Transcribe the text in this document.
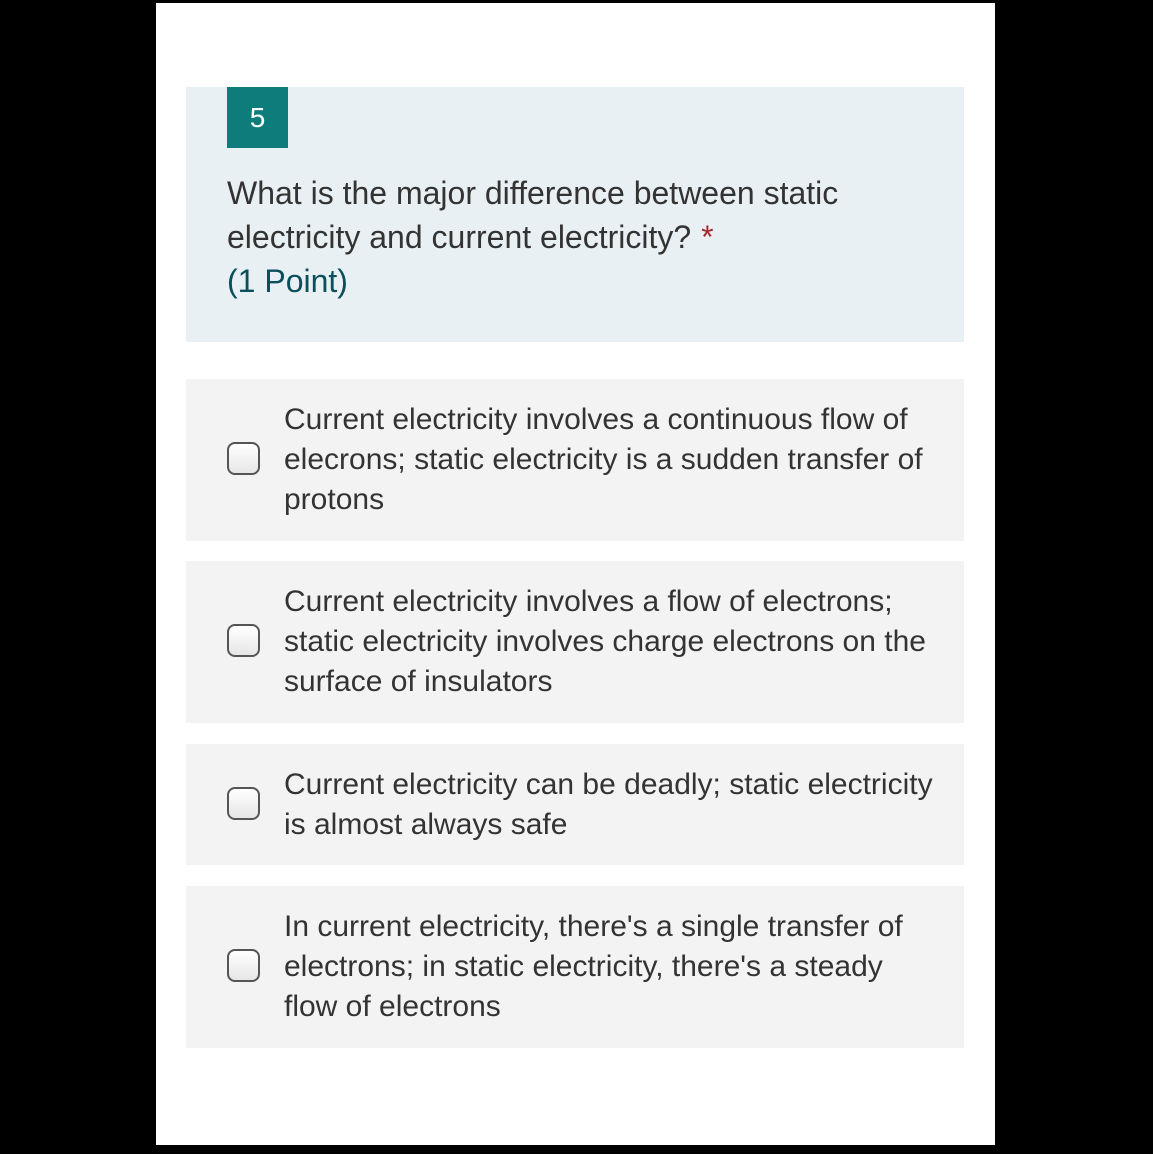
5
What is the major difference between static electricity and current electricity? *
(1 Point)
Current electricity involves a continuous flow of elecrons; static electricity is a sudden transfer of protons
Current electricity involves a flow of electrons; static electricity involves charge electrons on the surface of insulators
Current electricity can be deadly; static electricity is almost always safe
In current electricity, there's a single transfer of electrons; in static electricity, there's a steady flow of electrons
